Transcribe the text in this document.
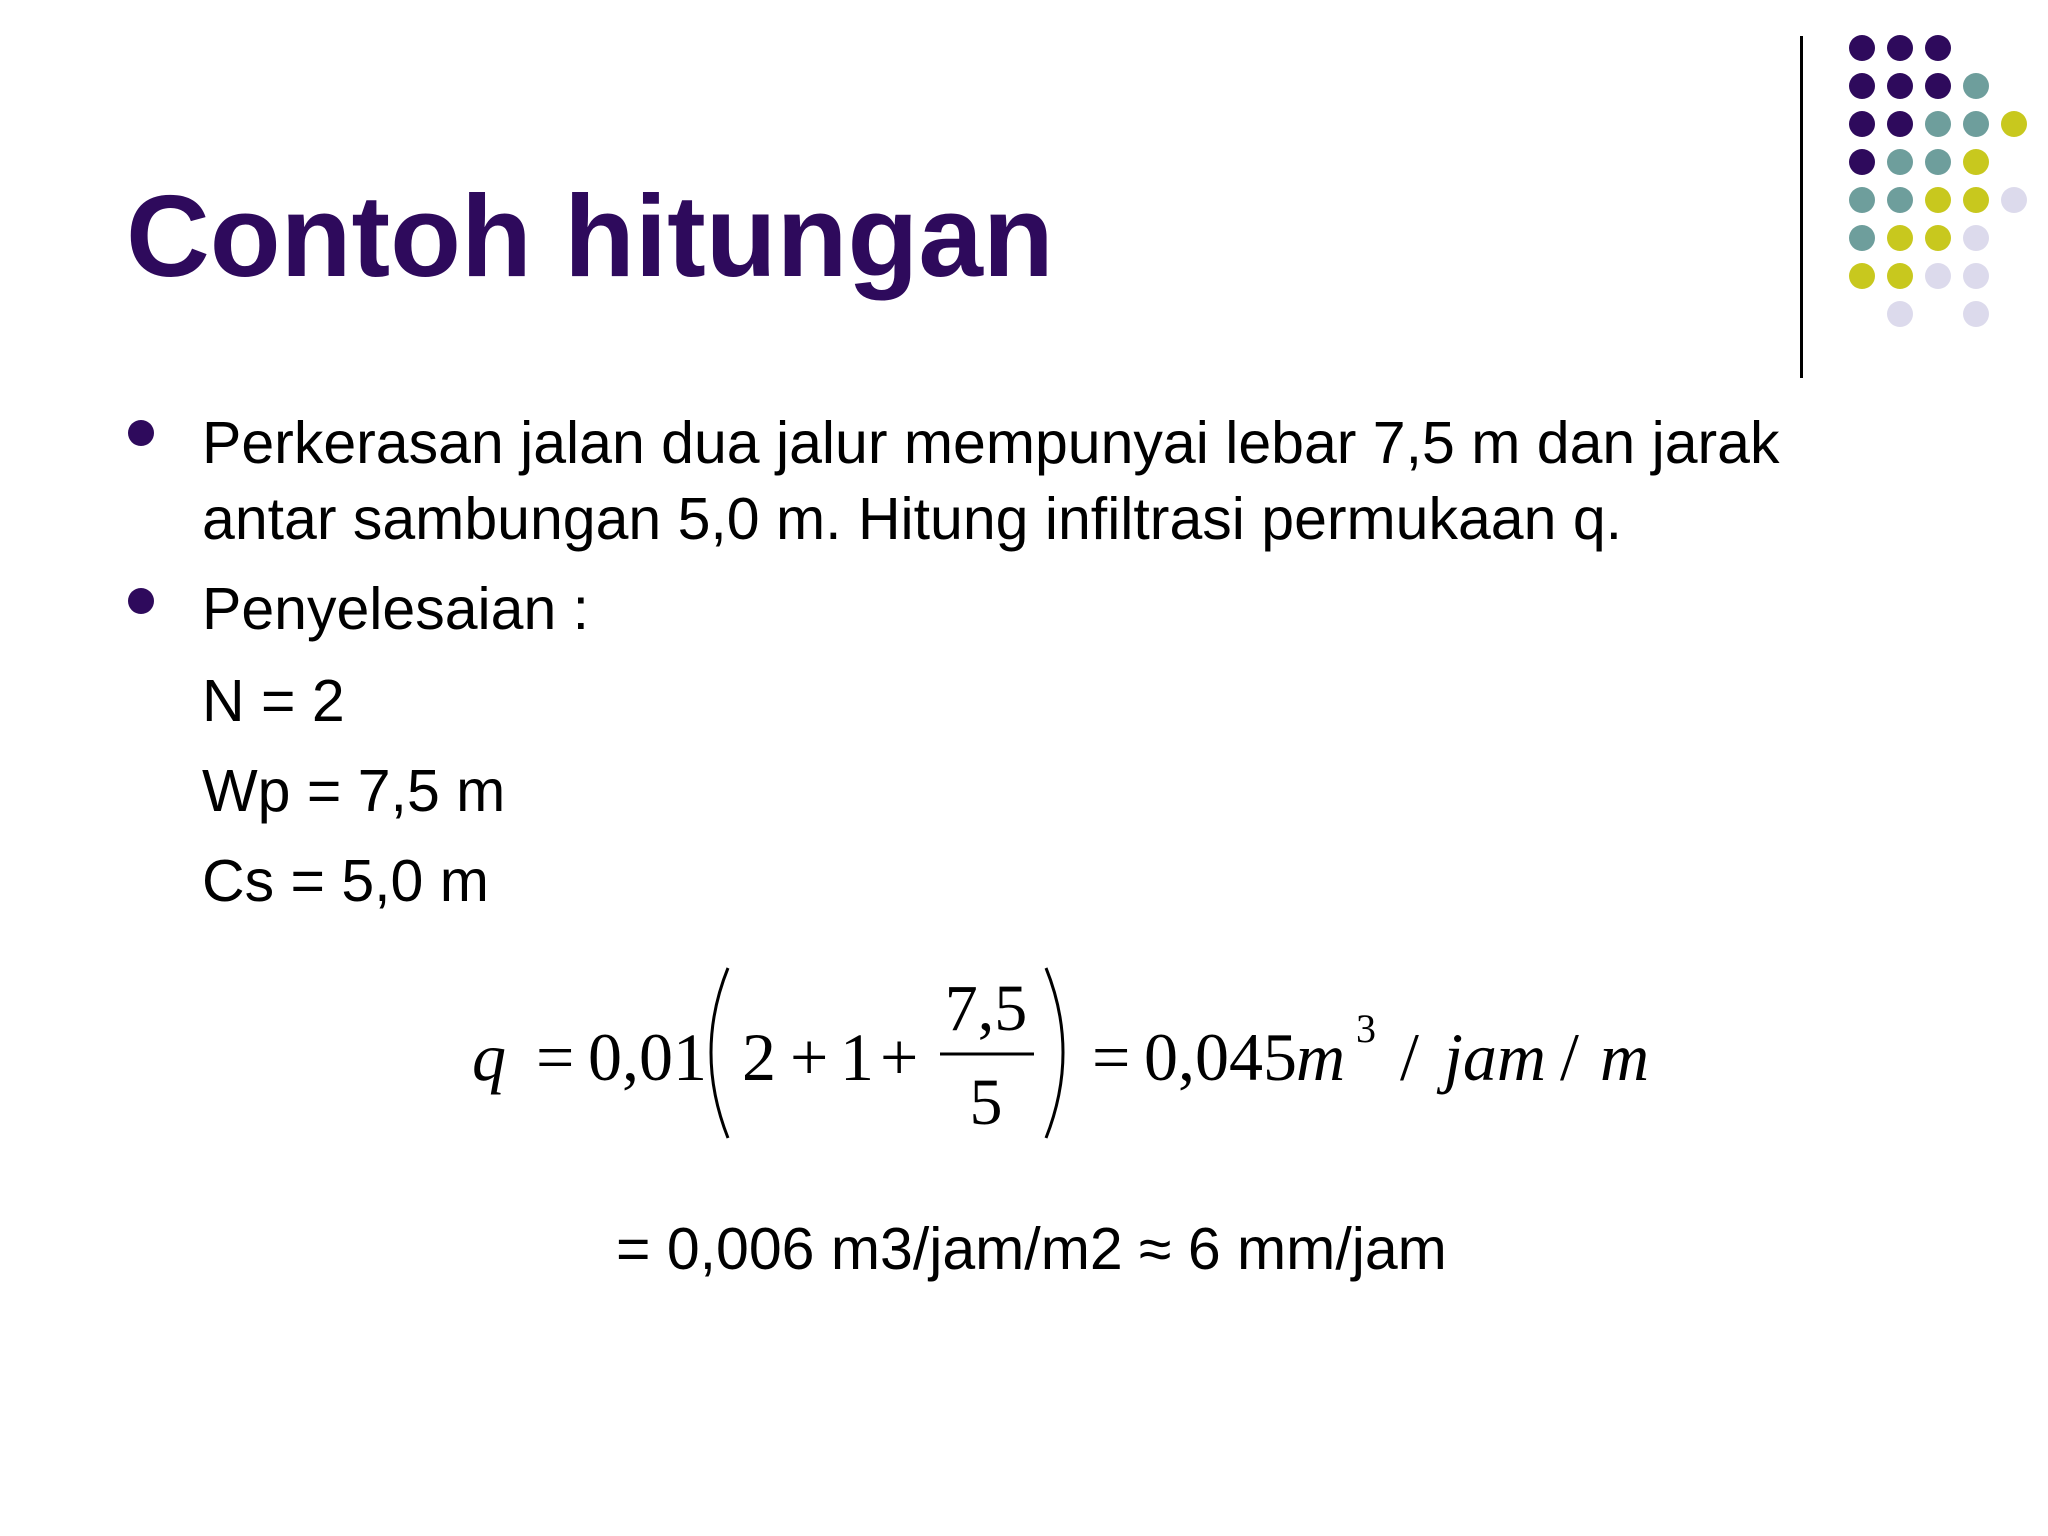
Contoh hitungan

Perkerasan jalan dua jalur mempunyai lebar 7,5 m dan jarak

antar sambungan 5,0 m. Hitung infiltrasi permukaan q.

Penyelesaian :

N = 2

Wp = 7,5 m

Cs = 5,0 m

q = 0,01 2 + 1 +
7,5
5
= 0,045 m 3 / jam / m

= 0,006 m3/jam/m2 ≈ 6 mm/jam
